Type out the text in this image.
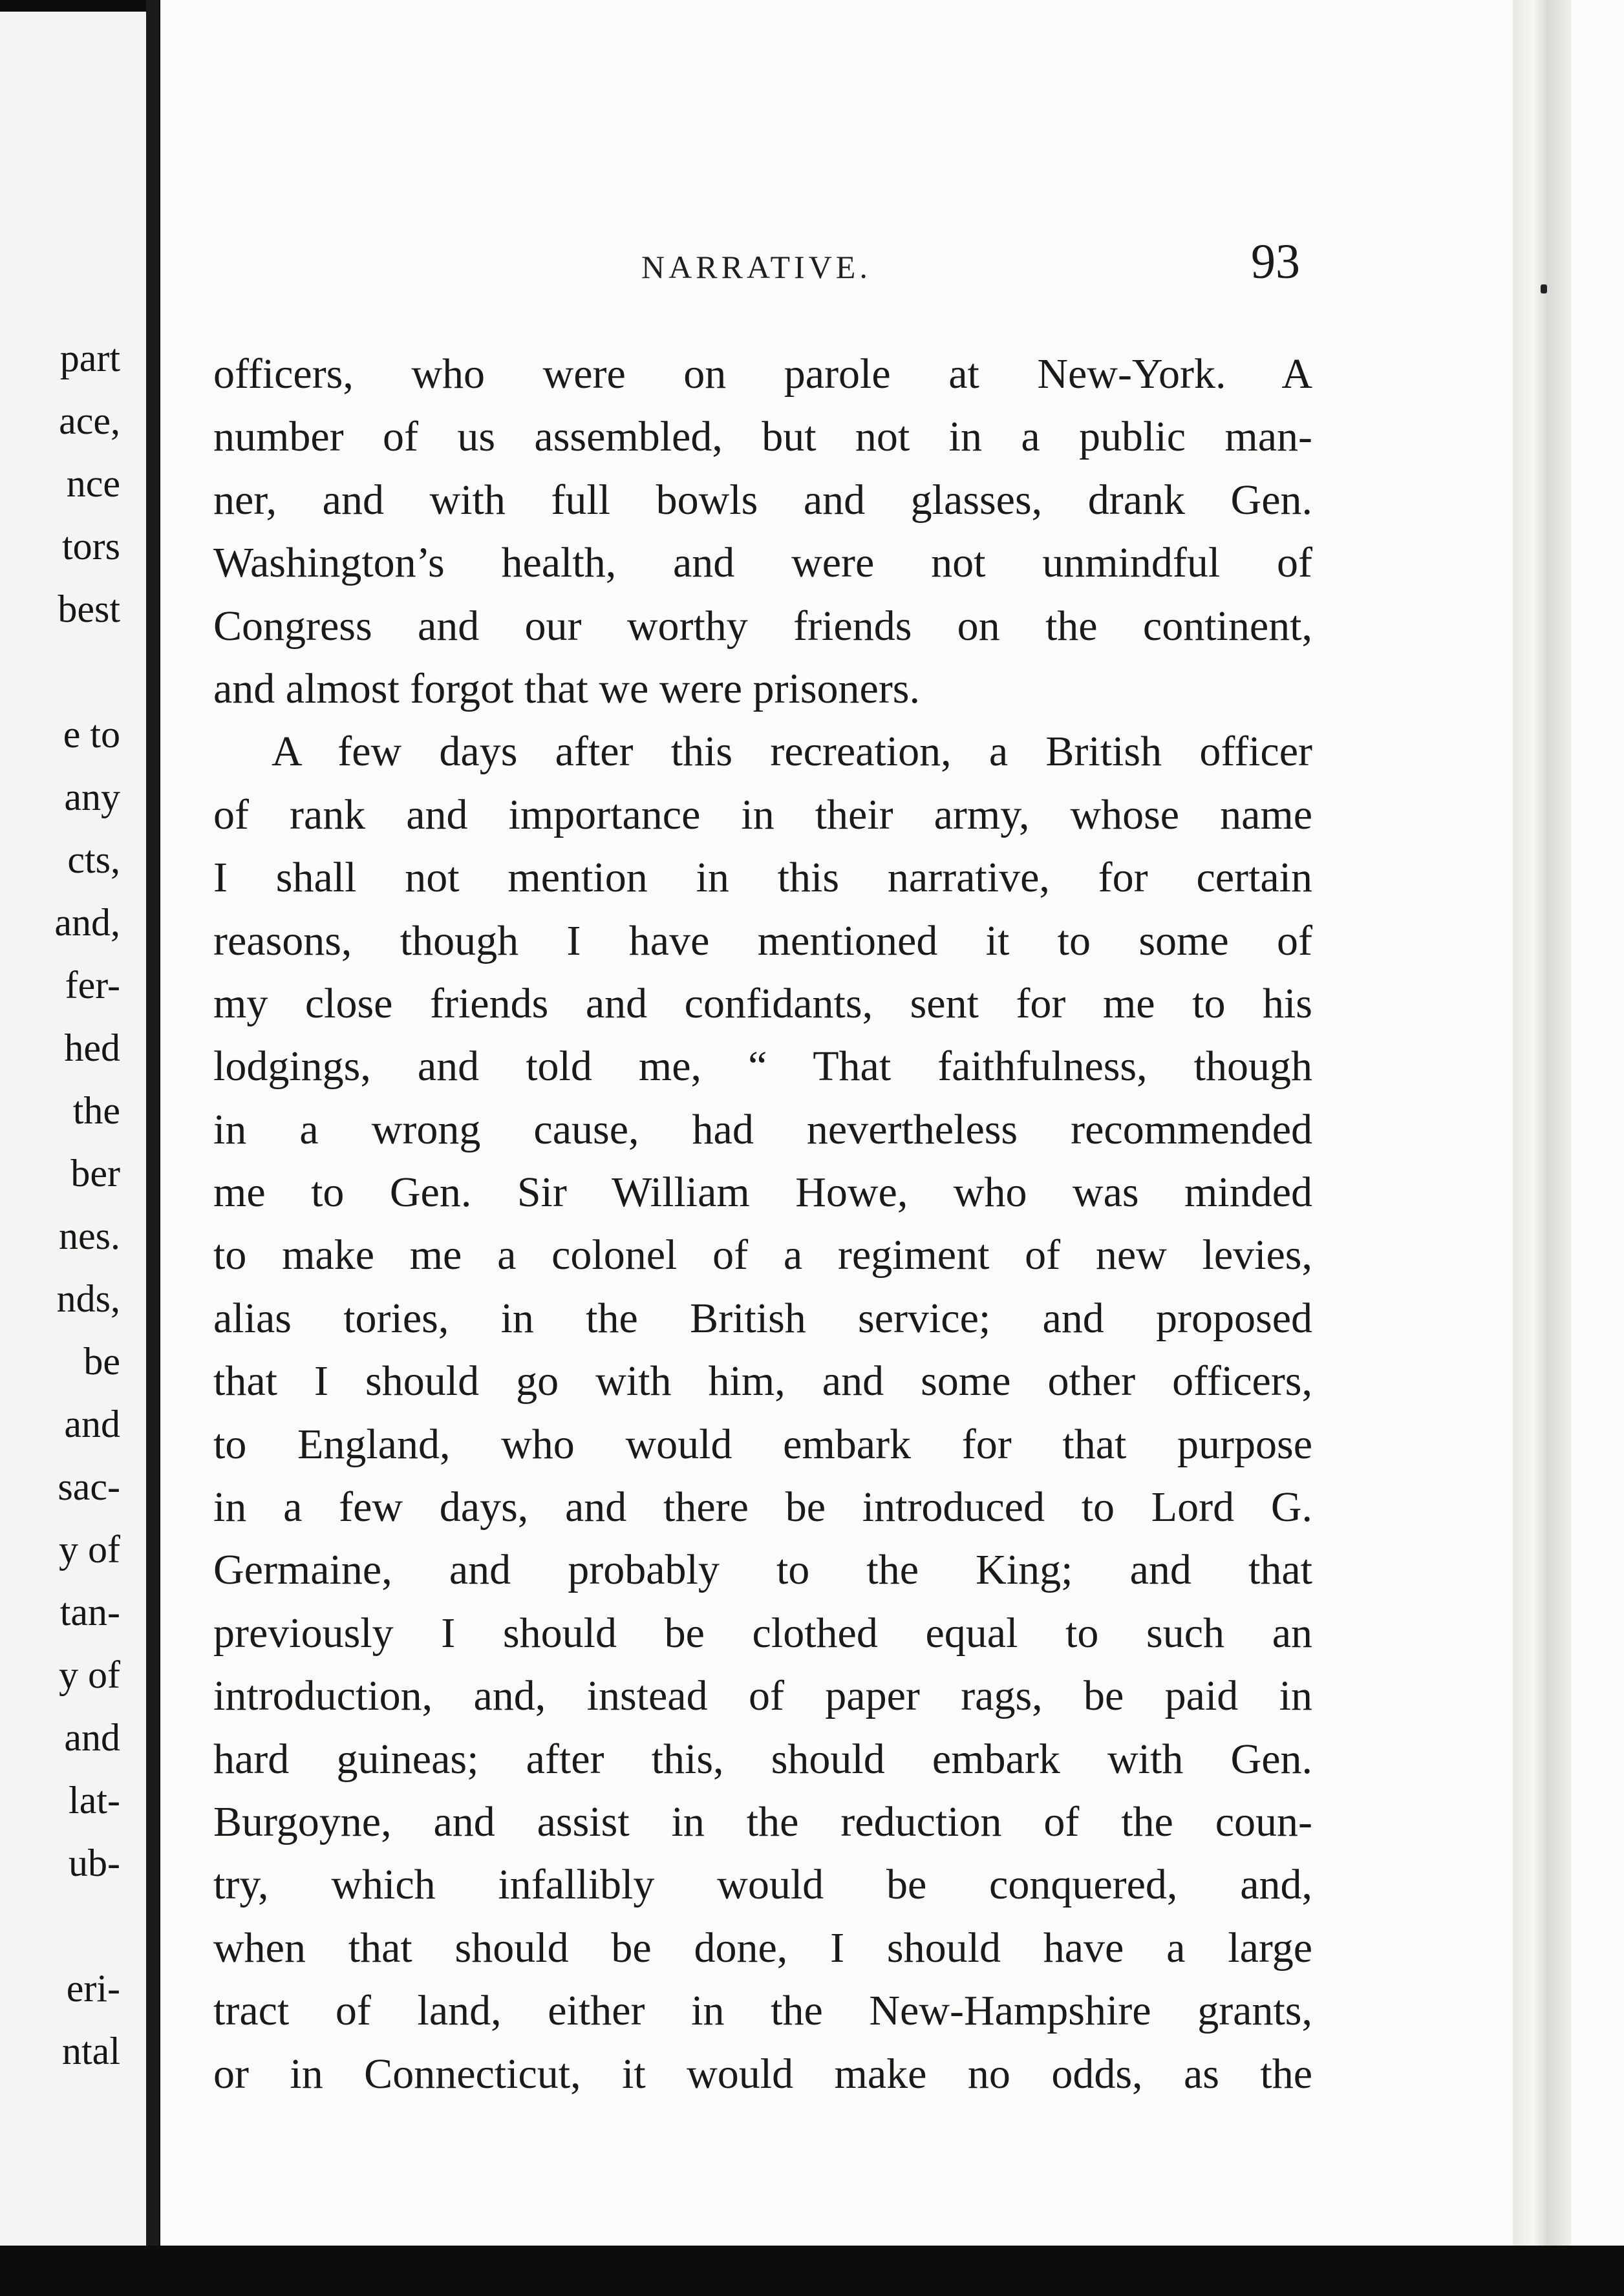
part
ace,
nce
tors
best
e to
any
cts,
and,
fer-
hed
the
ber
nes.
nds,
be
and
sac-
y of
tan-
y of
and
lat-
ub-
eri-
ntal
NARRATIVE.	93
officers, who were on parole at New-York. A
number of us assembled, but not in a public man-
ner, and with full bowls and glasses, drank Gen.
Washington’s health, and were not unmindful of
Congress and our worthy friends on the continent,
and almost forgot that we were prisoners.
A few days after this recreation, a British officer
of rank and importance in their army, whose name
I shall not mention in this narrative, for certain
reasons, though I have mentioned it to some of
my close friends and confidants, sent for me to his
lodgings, and told me, “ That faithfulness, though
in a wrong cause, had nevertheless recommended
me to Gen. Sir William Howe, who was minded
to make me a colonel of a regiment of new levies,
alias tories, in the British service; and proposed
that I should go with him, and some other officers,
to England, who would embark for that purpose
in a few days, and there be introduced to Lord G.
Germaine, and probably to the King; and that
previously I should be clothed equal to such an
introduction, and, instead of paper rags, be paid in
hard guineas; after this, should embark with Gen.
Burgoyne, and assist in the reduction of the coun-
try, which infallibly would be conquered, and,
when that should be done, I should have a large
tract of land, either in the New-Hampshire grants,
or in Connecticut, it would make no odds, as the
